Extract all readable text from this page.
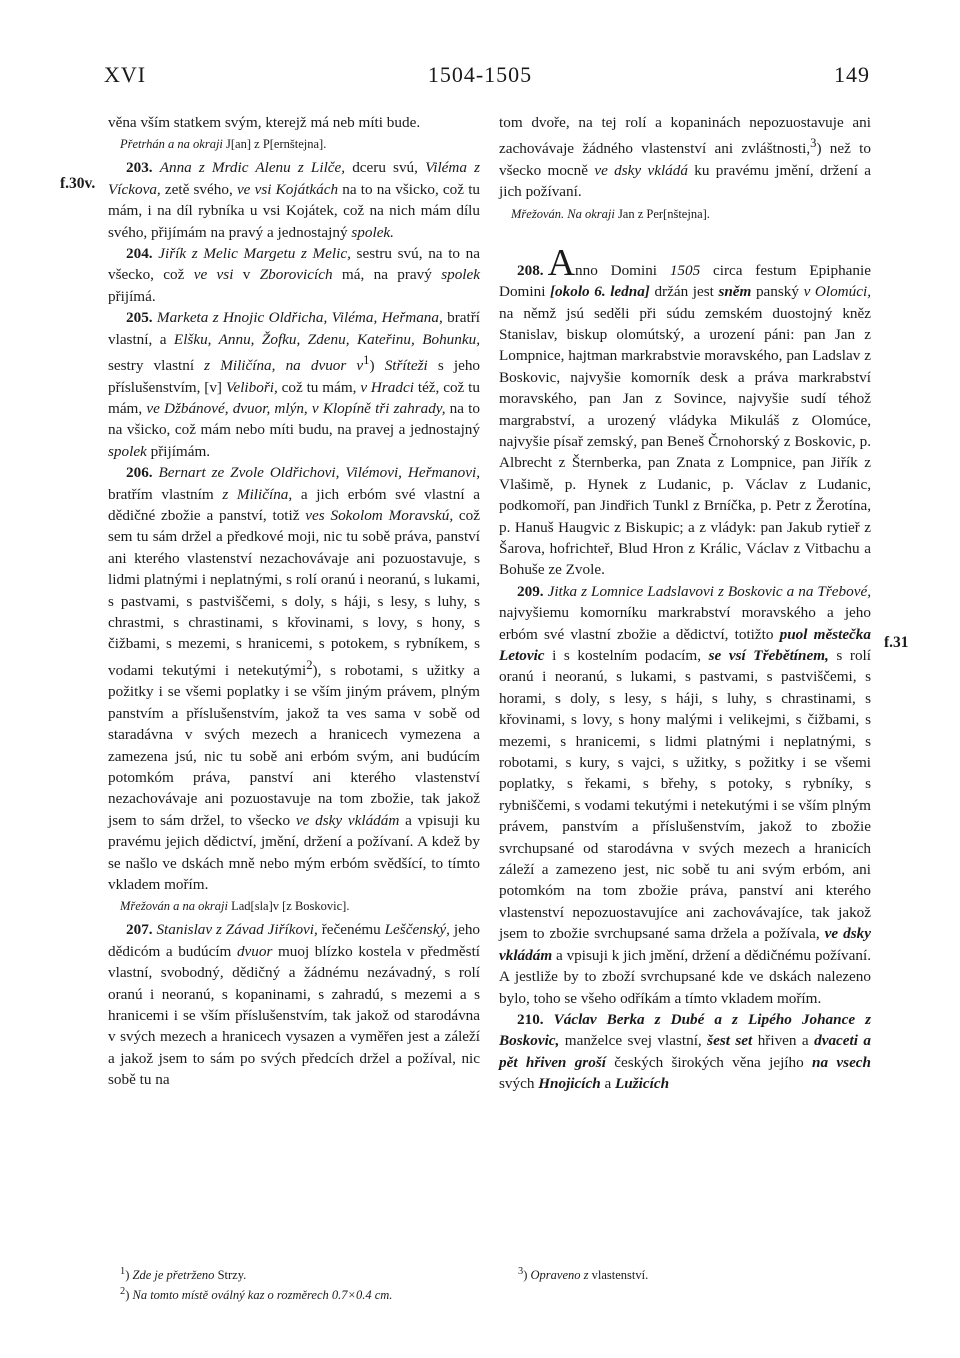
XVI	1504-1505	149
f.30v.
f.31

věna vším statkem svým, kterejž má neb míti bude.

Přetrhán a na okraji J[an] z P[ernštejna].

203. Anna z Mrdic Alenu z Lilče, dceru svú, Viléma z Víckova, zetě svého, ve vsi Kojátkách na to na všicko, což tu mám, i na díl rybníka u vsi Kojátek, což na nich mám dílu svého, přijímám na pravý a jednostajný spolek.

204. Jiřík z Melic Margetu z Melic, sestru svú, na to na všecko, což ve vsi v Zborovicích má, na pravý spolek přijímá.

205. Marketa z Hnojic Oldřicha, Viléma, Heřmana, bratří vlastní, a Elšku, Annu, Žofku, Zdenu, Kateřinu, Bohunku, sestry vlastní z Miličína, na dvuor $v^1$) Stříteži s jeho příslušenstvím, [v] Veliboři, což tu mám, v Hradci též, což tu mám, ve Džbánové, dvuor, mlýn, v Klopíně tři zahrady, na to na všicko, což mám nebo míti budu, na pravej a jednostajný spolek přijímám.

206. Bernart ze Zvole Oldřichovi, Vilémovi, Heřmanovi, bratřím vlastním z Miličína, a jich erbóm své vlastní a dědičné zbožie a panství, totiž ves Sokolom Moravskú, což sem tu sám držel a předkové moji, nic tu sobě práva, panství ani kterého vlastenství nezachovávaje ani pozuostavuje, s lidmi platnými i neplatnými, s rolí oranú i neoranú, s lukami, s pastvami, s pastviščemi, s doly, s háji, s lesy, s luhy, s chrastmi, s chrastinami, s křovinami, s lovy, s hony, s čižbami, s mezemi, s hranicemi, s potokem, s rybníkem, s vodami tekutými i netekutými$^2$), s robotami, s užitky a požitky i se všemi poplatky i se vším jiným právem, plným panstvím a příslušenstvím, jakož ta ves sama v sobě od staradávna v svých mezech a hranicech vymezena a zamezena jsú, nic tu sobě ani erbóm svým, ani budúcím potomkóm práva, panství ani kterého vlastenství nezachovávaje ani pozuostavuje na tom zbožie, tak jakož jsem to sám držel, to všecko ve dsky vkládám a vpisuji ku pravému jejich dědictví, jmění, držení a požívaní. A kdež by se našlo ve dskách mně nebo mým erbóm svědšící, to tímto vkladem mořím.

Mřežován a na okraji Lad[sla]v [z Boskovic].

207. Stanislav z Závad Jiříkovi, řečenému Leščenský, jeho dědicóm a budúcím dvuor muoj blízko kostela v předměstí vlastní, svobodný, dědičný a žádnému nezávadný, s rolí oranú i neoranú, s kopaninami, s zahradú, s mezemi a s hranicemi i se vším příslušenstvím, tak jakož od starodávna v svých mezech a hranicech vysazen a vyměřen jest a záleží a jakož jsem to sám po svých předcích držel a požíval, nic sobě tu na

tom dvoře, na tej rolí a kopaninách nepozuostavuje ani zachovávaje žádného vlastenství ani zvláštnosti,$^3$) než to všecko mocně ve dsky vkládá ku pravému jmění, držení a jich požívaní.

Mřežován. Na okraji Jan z Per[nštejna].

208. Anno Domini 1505 circa festum Epiphanie Domini [okolo 6. ledna] držán jest sněm panský v Olomúci, na němž jsú seděli při súdu zemském duostojný kněz Stanislav, biskup olomútský, a urození páni: pan Jan z Lompnice, hajtman markrabstvie moravského, pan Ladslav z Boskovic, najvyšie komorník desk a práva markrabství moravského, pan Jan z Sovince, najvyšie sudí téhož margrabství, a urozený vládyka Mikuláš z Olomúce, najvyšie písař zemský, pan Beneš Črnohorský z Boskovic, p. Albrecht z Šternberka, pan Znata z Lompnice, pan Jiřík z Vlašimě, p. Hynek z Ludanic, p. Václav z Ludanic, podkomoří, pan Jindřich Tunkl z Brníčka, p. Petr z Žerotína, p. Hanuš Haugvic z Biskupic; a z vládyk: pan Jakub rytieř z Šarova, hofrichteř, Blud Hron z Králic, Václav z Vitbachu a Bohuše ze Zvole.

209. Jitka z Lomnice Ladslavovi z Boskovic a na Třebové, najvyšiemu komorníku markrabství moravského a jeho erbóm své vlastní zbožie a dědictví, totižto puol městečka Letovic i s kostelním podacím, se vsí Třebětínem, s rolí oranú i neoranú, s lukami, s pastvami, s pastviščemi, s horami, s doly, s lesy, s háji, s luhy, s chrastinami, s křovinami, s lovy, s hony malými i velikejmi, s čižbami, s mezemi, s hranicemi, s lidmi platnými i neplatnými, s robotami, s kury, s vajci, s užitky, s požitky i se všemi poplatky, s řekami, s břehy, s potoky, s rybníky, s rybniščemi, s vodami tekutými i netekutými i se vším plným právem, panstvím a příslušenstvím, jakož to zbožie svrchupsané od starodávna v svých mezech a hranicích záleží a zamezeno jest, nic sobě tu ani svým erbóm, ani potomkóm na tom zbožie práva, panství ani kterého vlastenství nepozuostavujíce ani zachovávajíce, tak jakož jsem to zbožie svrchupsané sama držela a požívala, ve dsky vkládám a vpisuji k jich jmění, držení a dědičnému požívaní. A jestliže by to zboží svrchupsané kde ve dskách nalezeno bylo, toho se všeho odříkám a tímto vkladem mořím.

210. Václav Berka z Dubé a z Lipého Johance z Boskovic, manželce svej vlastní, šest set hřiven a dvaceti a pět hřiven groší českých širokých věna jejího na vsech svých Hnojicích a Lužicích

$^1$) Zde je přetrženo Strzy.
$^2$) Na tomto místě oválný kaz o rozměrech 0.7×0.4 cm.
$^3$) Opraveno z vlastenství.
